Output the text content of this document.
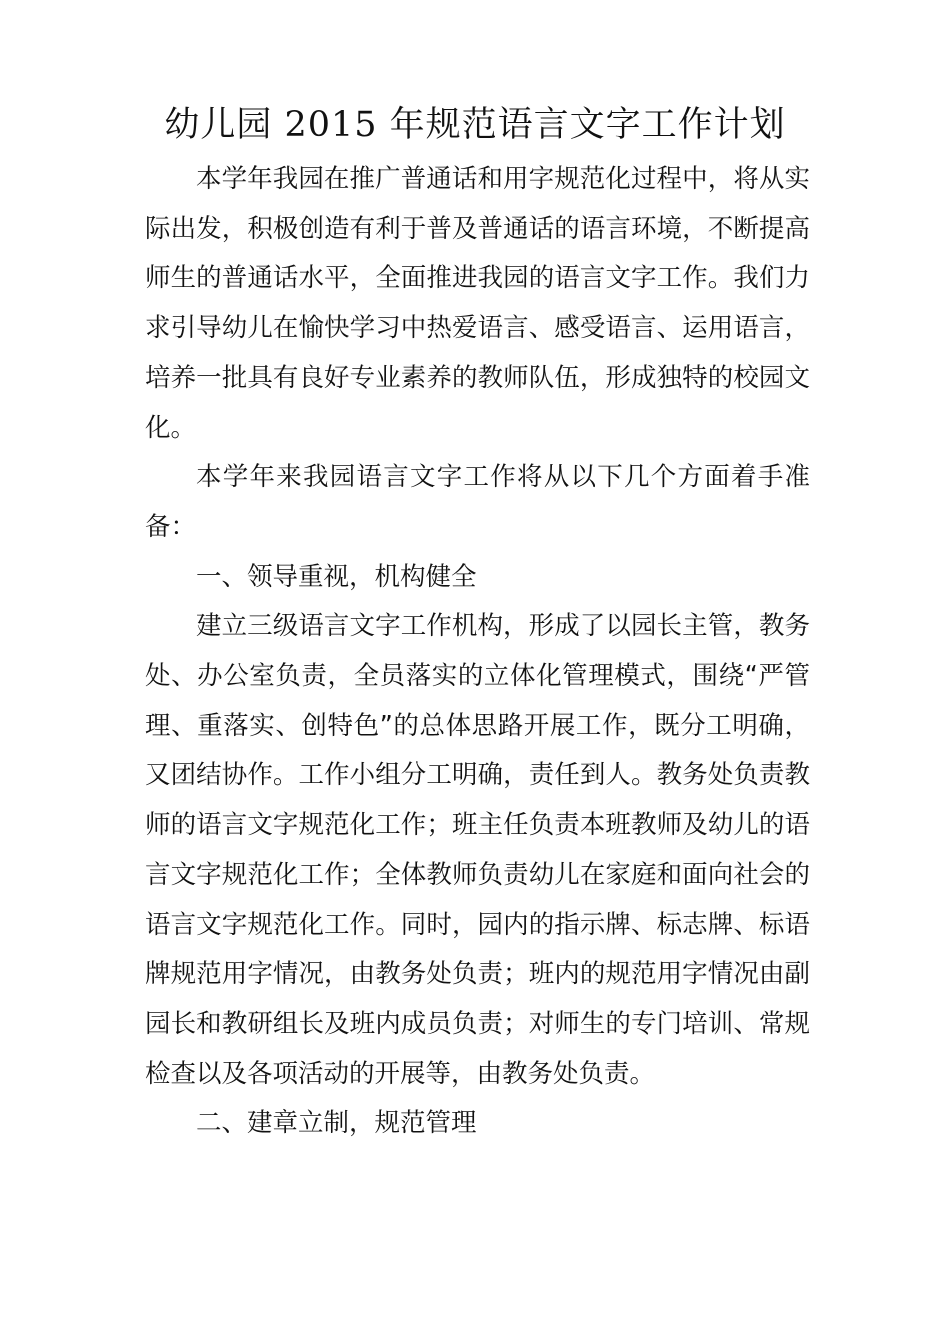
幼儿园 2015 年规范语言文字工作计划

本学年我园在推广普通话和用字规范化过程中，将从实际出发，积极创造有利于普及普通话的语言环境，不断提高师生的普通话水平，全面推进我园的语言文字工作。我们力求引导幼儿在愉快学习中热爱语言、感受语言、运用语言，培养一批具有良好专业素养的教师队伍，形成独特的校园文化。

本学年来我园语言文字工作将从以下几个方面着手准备：

一、领导重视，机构健全

建立三级语言文字工作机构，形成了以园长主管，教务处、办公室负责，全员落实的立体化管理模式，围绕“严管理、重落实、创特色”的总体思路开展工作，既分工明确，又团结协作。工作小组分工明确，责任到人。教务处负责教师的语言文字规范化工作；班主任负责本班教师及幼儿的语言文字规范化工作；全体教师负责幼儿在家庭和面向社会的语言文字规范化工作。同时，园内的指示牌、标志牌、标语牌规范用字情况，由教务处负责；班内的规范用字情况由副园长和教研组长及班内成员负责；对师生的专门培训、常规检查以及各项活动的开展等，由教务处负责。

二、建章立制，规范管理
